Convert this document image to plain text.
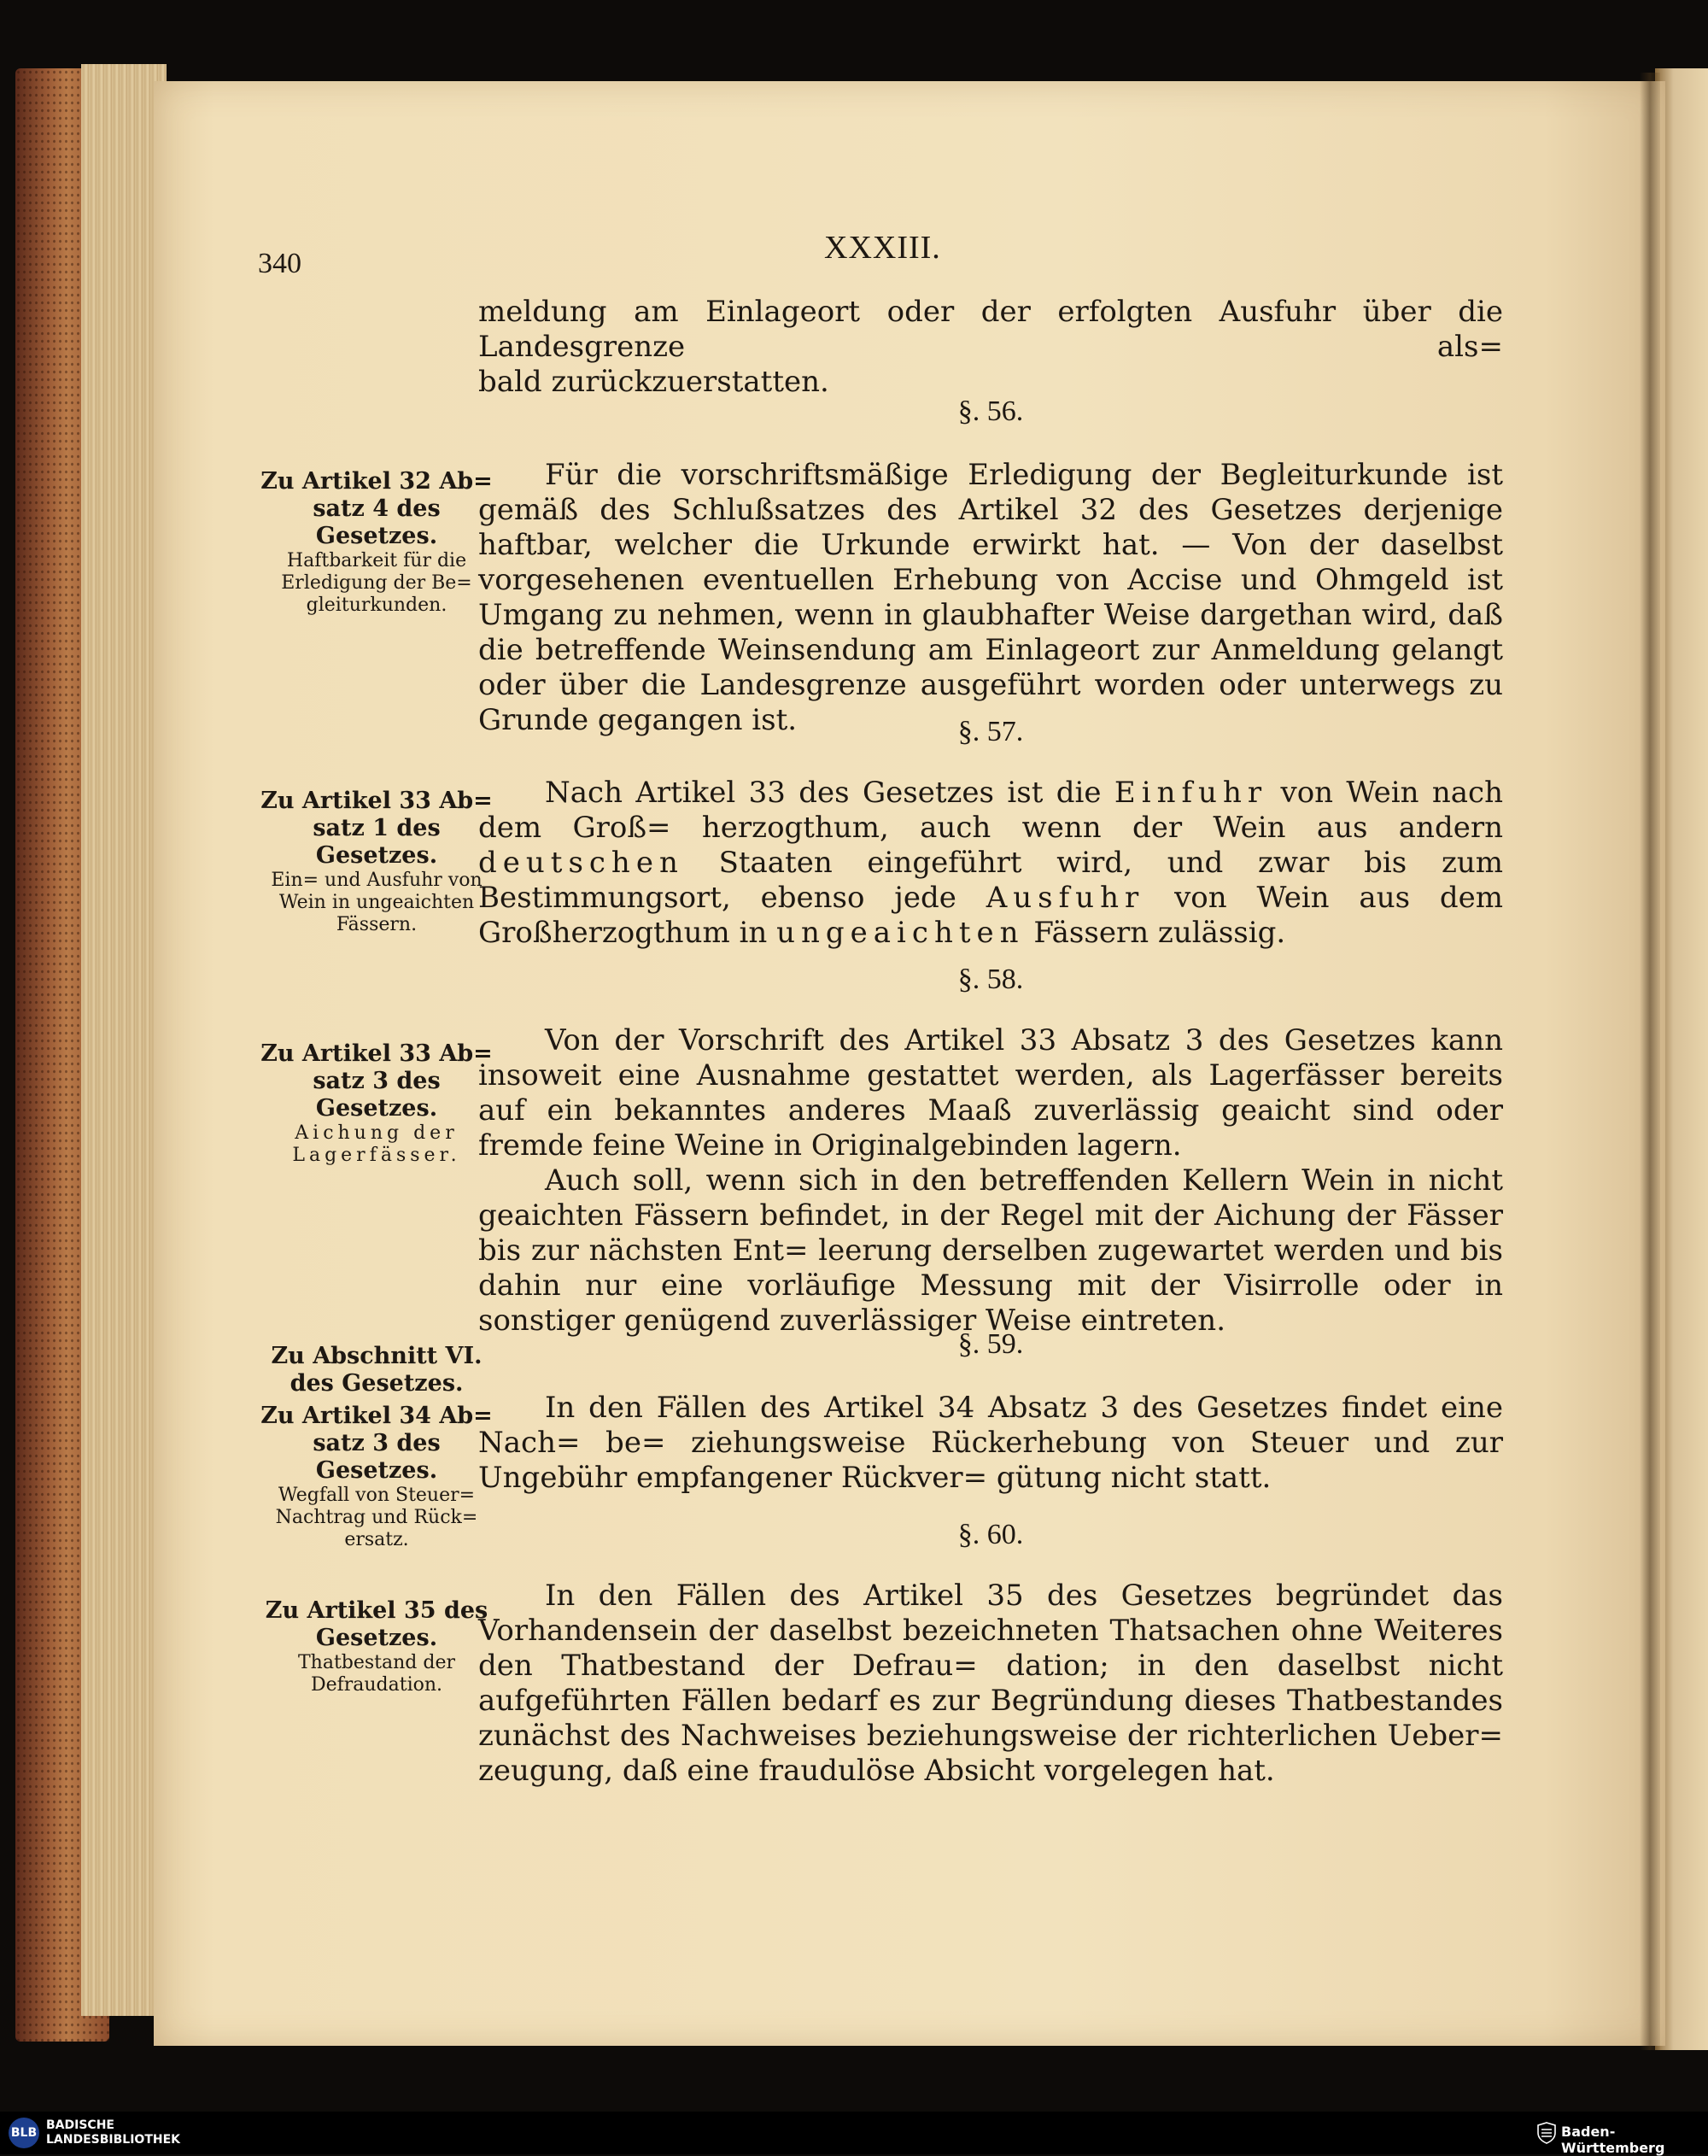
340	XXXIII.
meldung am Einlageort oder der erfolgten Ausfuhr über die Landesgrenze als=
bald zurückzuerstatten.
§. 56.
Zu Artikel 32 Ab= satz 4 des Gesetzes.
Haftbarkeit für die Erledigung der Be= gleiturkunden.
Für die vorschriftsmäßige Erledigung der Begleiturkunde ist gemäß des Schlußsatzes des Artikel 32 des Gesetzes derjenige haftbar, welcher die Urkunde erwirkt hat. — Von der daselbst vorgesehenen eventuellen Erhebung von Accise und Ohmgeld ist Umgang zu nehmen, wenn in glaubhafter Weise dargethan wird, daß die betreffende Weinsendung am Einlageort zur Anmeldung gelangt oder über die Landesgrenze ausgeführt worden oder unterwegs zu Grunde gegangen ist.	§. 57.
Zu Artikel 33 Ab= satz 1 des Gesetzes.
Ein= und Ausfuhr von Wein in ungeaichten Fässern.
Nach Artikel 33 des Gesetzes ist die Einfuhr von Wein nach dem Groß= herzogthum, auch wenn der Wein aus andern deutschen Staaten eingeführt wird, und zwar bis zum Bestimmungsort, ebenso jede Ausfuhr von Wein aus dem Großherzogthum in ungeaichten Fässern zulässig.
§. 58.
Zu Artikel 33 Ab= satz 3 des Gesetzes.
Aichung der Lagerfässer.
Von der Vorschrift des Artikel 33 Absatz 3 des Gesetzes kann insoweit eine Ausnahme gestattet werden, als Lagerfässer bereits auf ein bekanntes anderes Maaß zuverlässig geaicht sind oder fremde feine Weine in Originalgebinden lagern.
Auch soll, wenn sich in den betreffenden Kellern Wein in nicht geaichten Fässern befindet, in der Regel mit der Aichung der Fässer bis zur nächsten Ent= leerung derselben zugewartet werden und bis dahin nur eine vorläufige Messung mit der Visirrolle oder in sonstiger genügend zuverlässiger Weise eintreten.
§. 59.
Zu Abschnitt VI. des Gesetzes.
Zu Artikel 34 Ab= satz 3 des Gesetzes.
Wegfall von Steuer= Nachtrag und Rück= ersatz.
In den Fällen des Artikel 34 Absatz 3 des Gesetzes findet eine Nach= be= ziehungsweise Rückerhebung von Steuer und zur Ungebühr empfangener Rückver= gütung nicht statt.
§. 60.
Zu Artikel 35 des Gesetzes.
Thatbestand der Defraudation.
In den Fällen des Artikel 35 des Gesetzes begründet das Vorhandensein der daselbst bezeichneten Thatsachen ohne Weiteres den Thatbestand der Defrau= dation; in den daselbst nicht aufgeführten Fällen bedarf es zur Begründung dieses Thatbestandes zunächst des Nachweises beziehungsweise der richterlichen Ueber= zeugung, daß eine fraudulöse Absicht vorgelegen hat.
BLB
BADISCHE
LANDESBIBLIOTHEK	Baden-Württemberg
